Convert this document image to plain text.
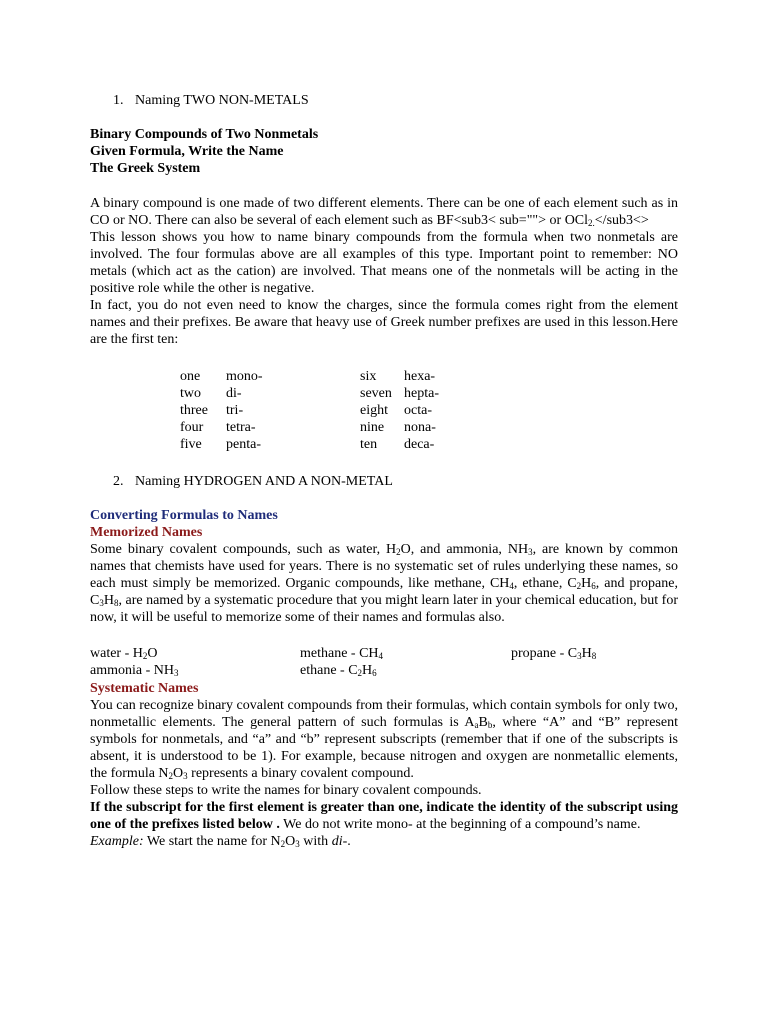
1. Naming TWO NON-METALS
Binary Compounds of Two Nonmetals
Given Formula, Write the Name
The Greek System

A binary compound is one made of two different elements. There can be one of each element such as in CO or NO. There can also be several of each element such as BF<sub3< sub=""> or OCl$_{2.}$</sub3<>

This lesson shows you how to name binary compounds from the formula when two nonmetals are involved. The four formulas above are all examples of this type. Important point to remember: NO metals (which act as the cation) are involved. That means one of the nonmetals will be acting in the positive role while the other is negative.

In fact, you do not even need to know the charges, since the formula comes right from the element names and their prefixes. Be aware that heavy use of Greek number prefixes are used in this lesson.Here are the first ten:

one	mono-	six	hexa-
two	di-	seven	hepta-
three	tri-	eight	octa-
four	tetra-	nine	nona-
five	penta-	ten	deca-
2. Naming HYDROGEN AND A NON-METAL
Converting Formulas to Names
Memorized Names

Some binary covalent compounds, such as water, $H_2O$, and ammonia, $NH_3$, are known by common names that chemists have used for years. There is no systematic set of rules underlying these names, so each must simply be memorized. Organic compounds, like methane, $CH_4$, ethane, $C_2H_6$, and propane, $C_3H_8$, are named by a systematic procedure that you might learn later in your chemical education, but for now, it will be useful to memorize some of their names and formulas also.

water - $H_2O$	methane - $CH_4$	propane - $C_3H_8$
ammonia - $NH_3$	ethane - $C_2H_6$
Systematic Names

You can recognize binary covalent compounds from their formulas, which contain symbols for only two, nonmetallic elements. The general pattern of such formulas is $A_aB_b$, where “A” and “B” represent symbols for nonmetals, and “a” and “b” represent subscripts (remember that if one of the subscripts is absent, it is understood to be 1). For example, because nitrogen and oxygen are nonmetallic elements, the formula $N_2O_3$ represents a binary covalent compound.

Follow these steps to write the names for binary covalent compounds.

If the subscript for the first element is greater than one, indicate the identity of the subscript using one of the prefixes listed below . We do not write mono- at the beginning of a compound’s name.

Example: We start the name for $N_2O_3$ with di-.
